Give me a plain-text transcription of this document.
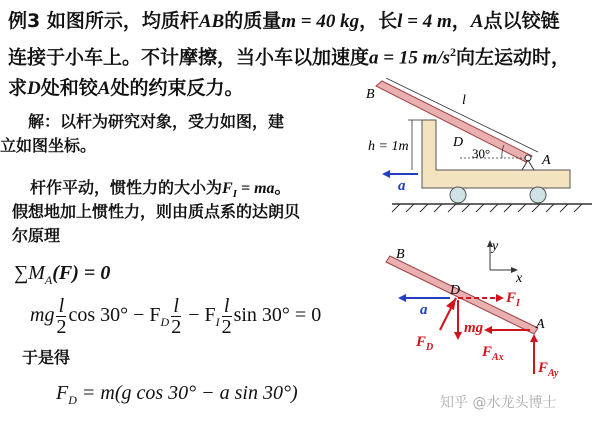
例3 如图所示，均质杆AB的质量m = 40 kg，长l = 4 m，A点以铰链
连接于小车上。不计摩擦，当小车以加速度a = 15 $m/s^2$向左运动时，
求D处和铰A处的约束反力。
解：以杆为研究对象，受力如图，建
立如图坐标。
杆作平动，惯性力的大小为$F_I$ = ma。
假想地加上惯性力，则由质点系的达朗贝
尔原理
$\sum M_A(F) = 0$
mg $\frac{l}{2}$ $\cos 30^\circ - F_D \frac{l}{2} - F_I \frac{l}{2}$ sin 30° = 0
于是得
$F_D = m(g$ cos 30° − a sin 30°)
l
B
A
D
30°
h = 1m
a
y
x
B
D
A
a
$F_I$
mg
$F_D$	$F_{Ax}$
$F_{Ay}$
知乎 @水龙头博士
